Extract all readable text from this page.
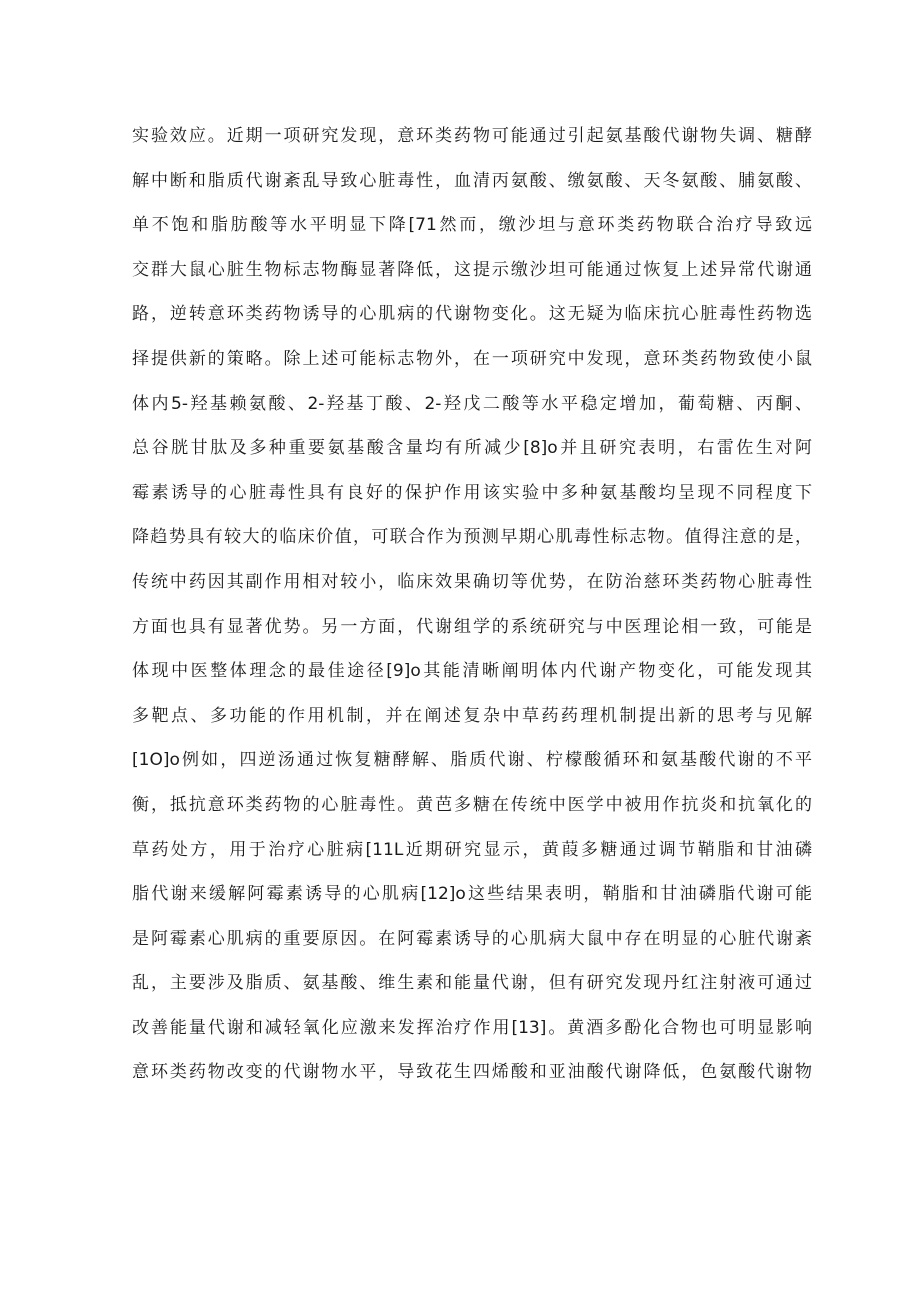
实验效应。近期一项研究发现，意环类药物可能通过引起氨基酸代谢物失调、糖酵
解中断和脂质代谢紊乱导致心脏毒性，血清丙氨酸、缴氨酸、天冬氨酸、脯氨酸、
单不饱和脂肪酸等水平明显下降[71然而，缴沙坦与意环类药物联合治疗导致远
交群大鼠心脏生物标志物酶显著降低，这提示缴沙坦可能通过恢复上述异常代谢通
路，逆转意环类药物诱导的心肌病的代谢物变化。这无疑为临床抗心脏毒性药物选
择提供新的策略。除上述可能标志物外，在一项研究中发现，意环类药物致使小鼠
体内5-羟基赖氨酸、2-羟基丁酸、2-羟戊二酸等水平稳定增加，葡萄糖、丙酮、
总谷胱甘肽及多种重要氨基酸含量均有所减少[8]o并且研究表明，右雷佐生对阿
霉素诱导的心脏毒性具有良好的保护作用该实验中多种氨基酸均呈现不同程度下
降趋势具有较大的临床价值，可联合作为预测早期心肌毒性标志物。值得注意的是，
传统中药因其副作用相对较小，临床效果确切等优势，在防治慈环类药物心脏毒性
方面也具有显著优势。另一方面，代谢组学的系统研究与中医理论相一致，可能是
体现中医整体理念的最佳途径[9]o其能清晰阐明体内代谢产物变化，可能发现其
多靶点、多功能的作用机制，并在阐述复杂中草药药理机制提出新的思考与见解
[1O]o例如，四逆汤通过恢复糖酵解、脂质代谢、柠檬酸循环和氨基酸代谢的不平
衡，抵抗意环类药物的心脏毒性。黄芭多糖在传统中医学中被用作抗炎和抗氧化的
草药处方，用于治疗心脏病[11L近期研究显示，黄葭多糖通过调节鞘脂和甘油磷
脂代谢来缓解阿霉素诱导的心肌病[12]o这些结果表明，鞘脂和甘油磷脂代谢可能
是阿霉素心肌病的重要原因。在阿霉素诱导的心肌病大鼠中存在明显的心脏代谢紊
乱，主要涉及脂质、氨基酸、维生素和能量代谢，但有研究发现丹红注射液可通过
改善能量代谢和减轻氧化应激来发挥治疗作用[13]。黄酒多酚化合物也可明显影响
意环类药物改变的代谢物水平，导致花生四烯酸和亚油酸代谢降低，色氨酸代谢物
